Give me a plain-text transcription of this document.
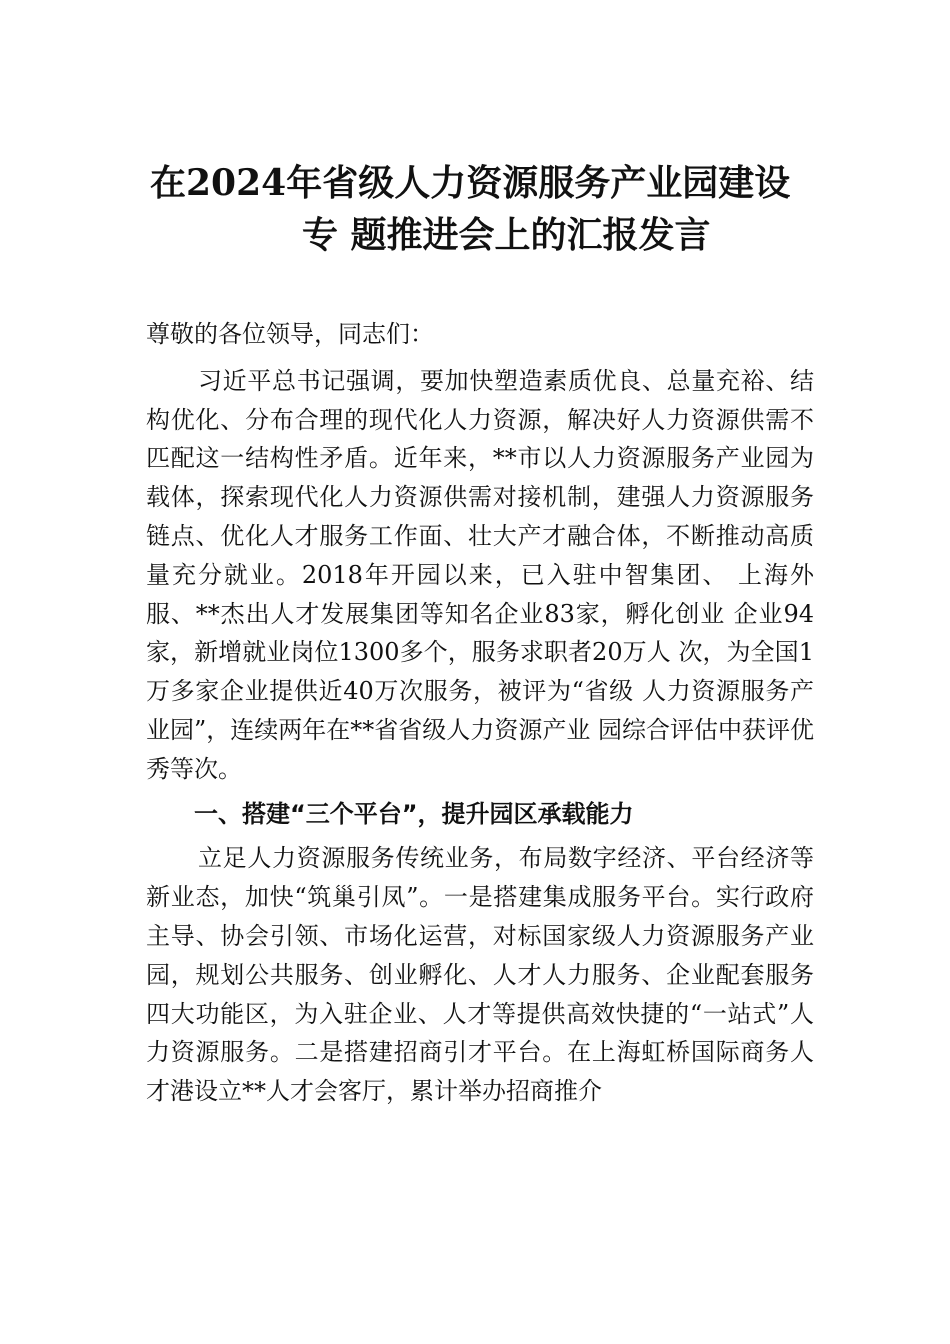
在2024年省级人力资源服务产业园建设
专 题推进会上的汇报发言

尊敬的各位领导，同志们：

习近平总书记强调，要加快塑造素质优良、总量充裕、结构优化、分布合理的现代化人力资源，解决好人力资源供需不匹配这一结构性矛盾。近年来，**市以人力资源服务产业园为载体，探索现代化人力资源供需对接机制，建强人力资源服务链点、优化人才服务工作面、壮大产才融合体，不断推动高质量充分就业。2018年开园以来，已入驻中智集团、 上海外服、**杰出人才发展集团等知名企业83家，孵化创业 企业94家，新增就业岗位1300多个，服务求职者20万人 次，为全国1万多家企业提供近40万次服务，被评为“省级 人力资源服务产业园”，连续两年在**省省级人力资源产业 园综合评估中获评优秀等次。

一、搭建“三个平台”，提升园区承载能力

立足人力资源服务传统业务，布局数字经济、平台经济等新业态，加快“筑巢引凤”。一是搭建集成服务平台。实行政府主导、协会引领、市场化运营，对标国家级人力资源服务产业园，规划公共服务、创业孵化、人才人力服务、企业配套服务四大功能区，为入驻企业、人才等提供高效快捷的“一站式”人力资源服务。二是搭建招商引才平台。在上海虹桥国际商务人才港设立**人才会客厅，累计举办招商推介
